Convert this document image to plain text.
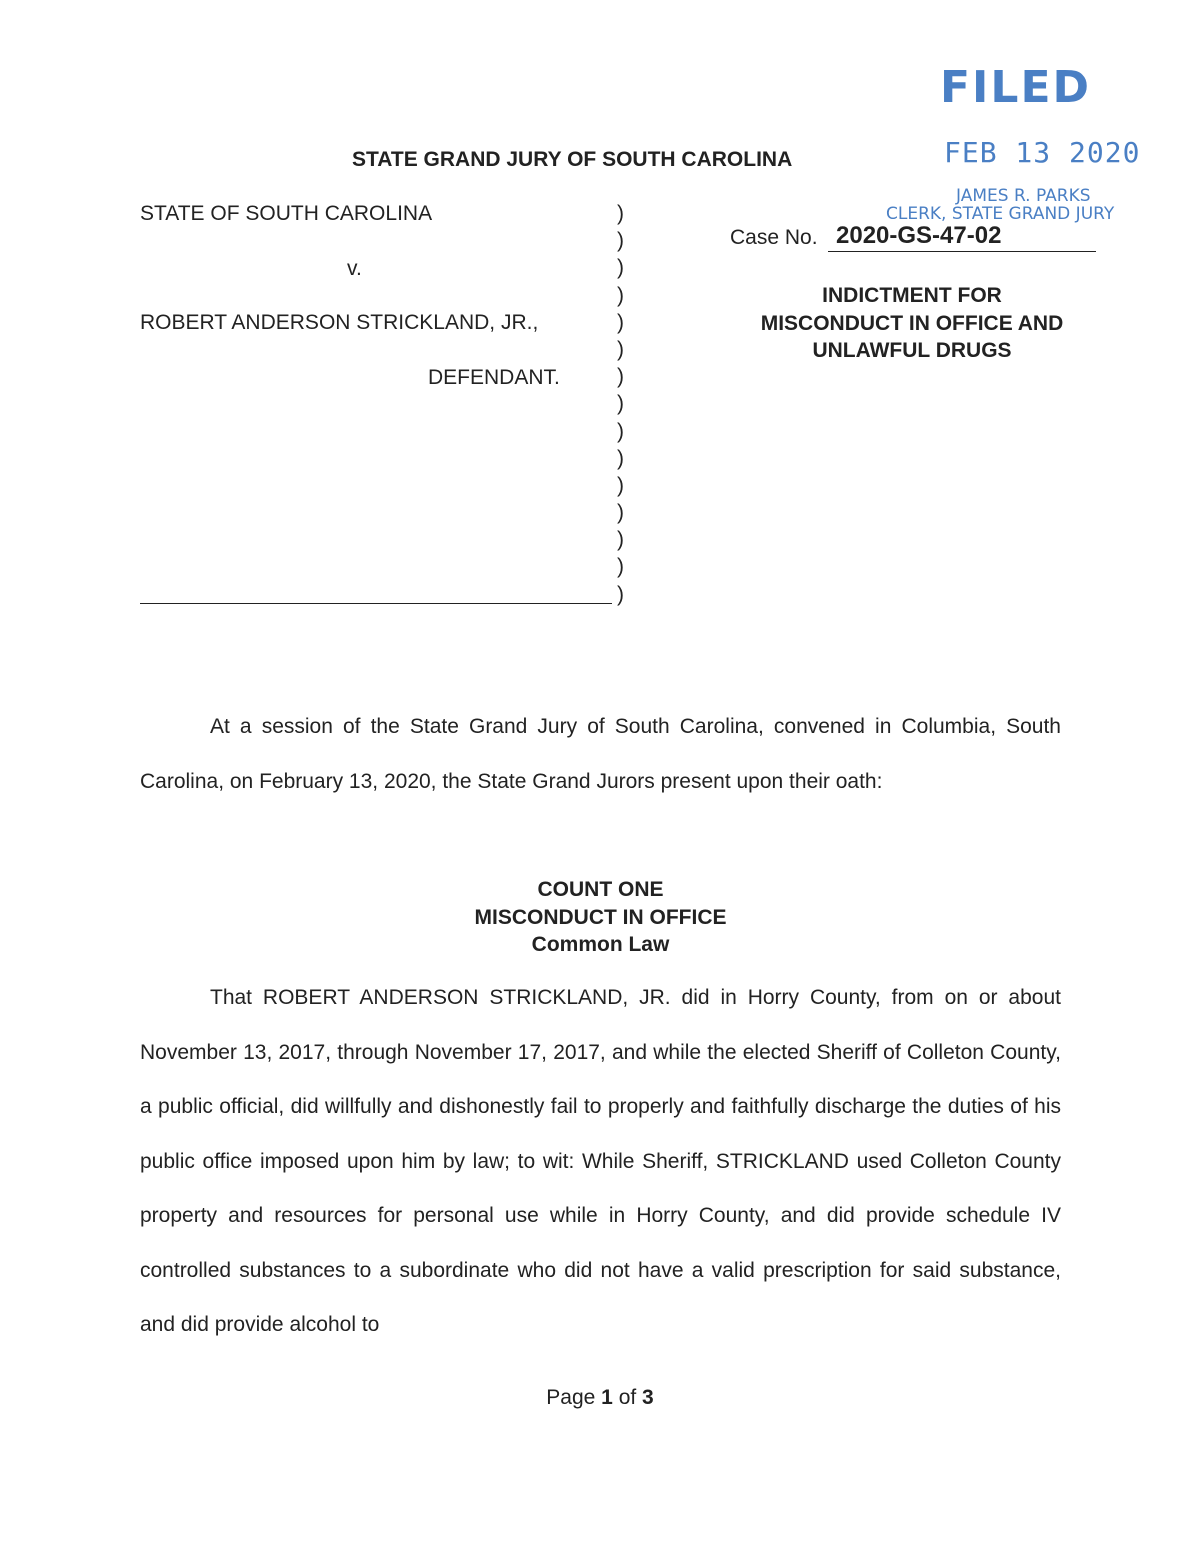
FILED
FEB 13 2020
JAMES R. PARKS
CLERK, STATE GRAND JURY
STATE GRAND JURY OF SOUTH CAROLINA
STATE OF SOUTH CAROLINA
v.
ROBERT ANDERSON STRICKLAND, JR.,
DEFENDANT.
)
)
)
)
)
)
)
)
)
)
)
)
)
)
)
Case No. 2020-GS-47-02
INDICTMENT FOR
MISCONDUCT IN OFFICE AND
UNLAWFUL DRUGS

At a session of the State Grand Jury of South Carolina, convened in Columbia, South Carolina, on February 13, 2020, the State Grand Jurors present upon their oath:

COUNT ONE
MISCONDUCT IN OFFICE
Common Law

That ROBERT ANDERSON STRICKLAND, JR. did in Horry County, from on or about November 13, 2017, through November 17, 2017, and while the elected Sheriff of Colleton County, a public official, did willfully and dishonestly fail to properly and faithfully discharge the duties of his public office imposed upon him by law; to wit: While Sheriff, STRICKLAND used Colleton County property and resources for personal use while in Horry County, and did provide schedule IV controlled substances to a subordinate who did not have a valid prescription for said substance, and did provide alcohol to

Page 1 of 3
